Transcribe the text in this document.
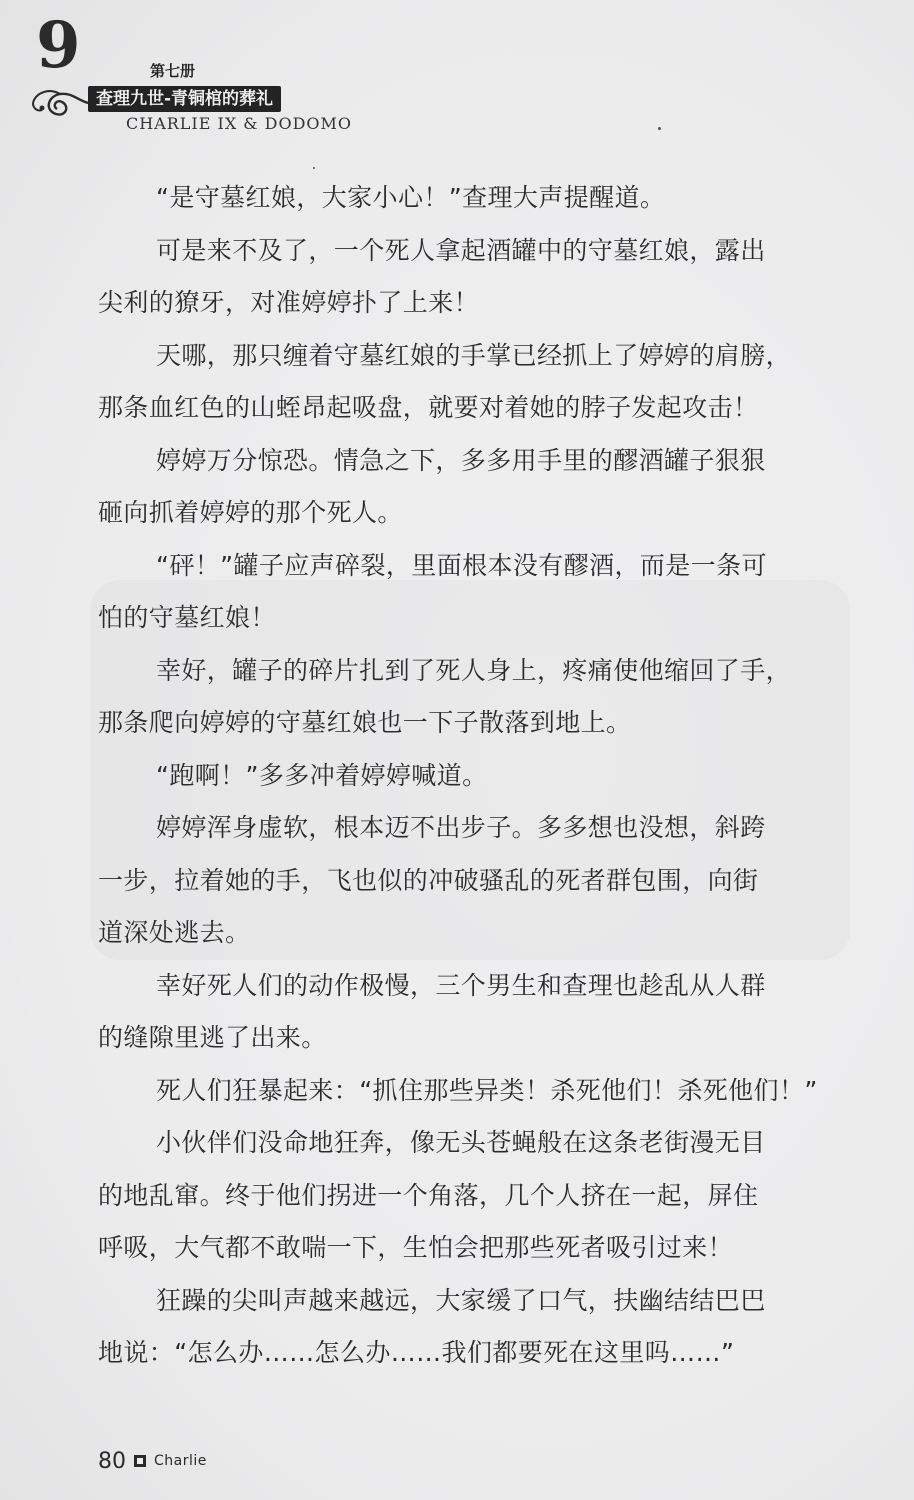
9	第七册
查理九世-青铜棺的葬礼
CHARLIE IX & DODOMO
“是守墓红娘，大家小心！”查理大声提醒道。
可是来不及了，一个死人拿起酒罐中的守墓红娘，露出
尖利的獠牙，对准婷婷扑了上来！
天哪，那只缠着守墓红娘的手掌已经抓上了婷婷的肩膀，
那条血红色的山蛭昂起吸盘，就要对着她的脖子发起攻击！
婷婷万分惊恐。情急之下，多多用手里的醪酒罐子狠狠
砸向抓着婷婷的那个死人。
“砰！”罐子应声碎裂，里面根本没有醪酒，而是一条可
怕的守墓红娘！
幸好，罐子的碎片扎到了死人身上，疼痛使他缩回了手，
那条爬向婷婷的守墓红娘也一下子散落到地上。
“跑啊！”多多冲着婷婷喊道。
婷婷浑身虚软，根本迈不出步子。多多想也没想，斜跨
一步，拉着她的手，飞也似的冲破骚乱的死者群包围，向街
道深处逃去。
幸好死人们的动作极慢，三个男生和查理也趁乱从人群
的缝隙里逃了出来。
死人们狂暴起来：“抓住那些异类！杀死他们！杀死他们！”
小伙伴们没命地狂奔，像无头苍蝇般在这条老街漫无目
的地乱窜。终于他们拐进一个角落，几个人挤在一起，屏住
呼吸，大气都不敢喘一下，生怕会把那些死者吸引过来！
狂躁的尖叫声越来越远，大家缓了口气，扶幽结结巴巴
地说：“怎么办……怎么办……我们都要死在这里吗……”
80 Charlie
